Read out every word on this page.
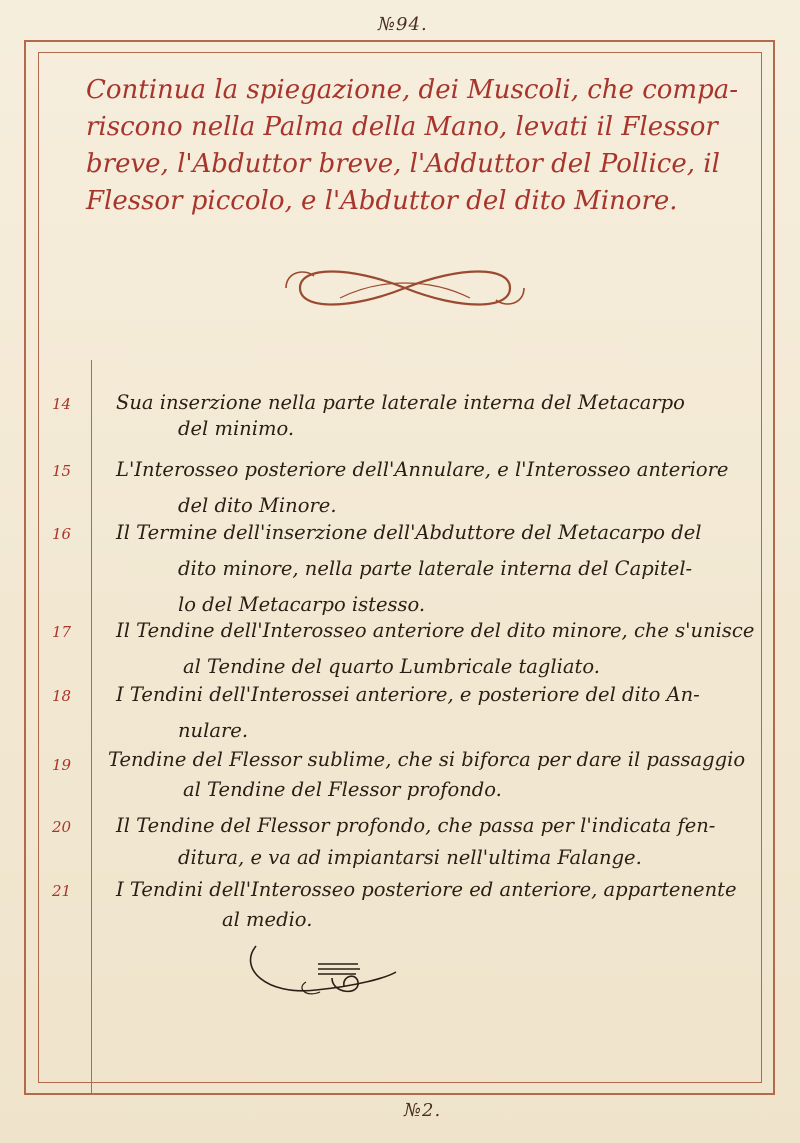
№94.
Continua la spiegazione, dei Muscoli, che compa-
riscono nella Palma della Mano, levati il Flessor
breve, l'Abduttor breve, l'Adduttor del Pollice, il
Flessor piccolo, e l'Abduttor del dito Minore.
14	Sua inserzione nella parte laterale interna del Metacarpo
del minimo.
15	L'Interosseo posteriore dell'Annulare, e l'Interosseo anteriore
del dito Minore.
16	Il Termine dell'inserzione dell'Abduttore del Metacarpo del
dito minore, nella parte laterale interna del Capitel-
lo del Metacarpo istesso.
17	Il Tendine dell'Interosseo anteriore del dito minore, che s'unisce
al Tendine del quarto Lumbricale tagliato.
18	I Tendini dell'Interossei anteriore, e posteriore del dito An-
nulare.
19	Tendine del Flessor sublime, che si biforca per dare il passaggio
al Tendine del Flessor profondo.
20	Il Tendine del Flessor profondo, che passa per l'indicata fen-
ditura, e va ad impiantarsi nell'ultima Falange.
21	I Tendini dell'Interosseo posteriore ed anteriore, appartenente
al medio.
№2.
